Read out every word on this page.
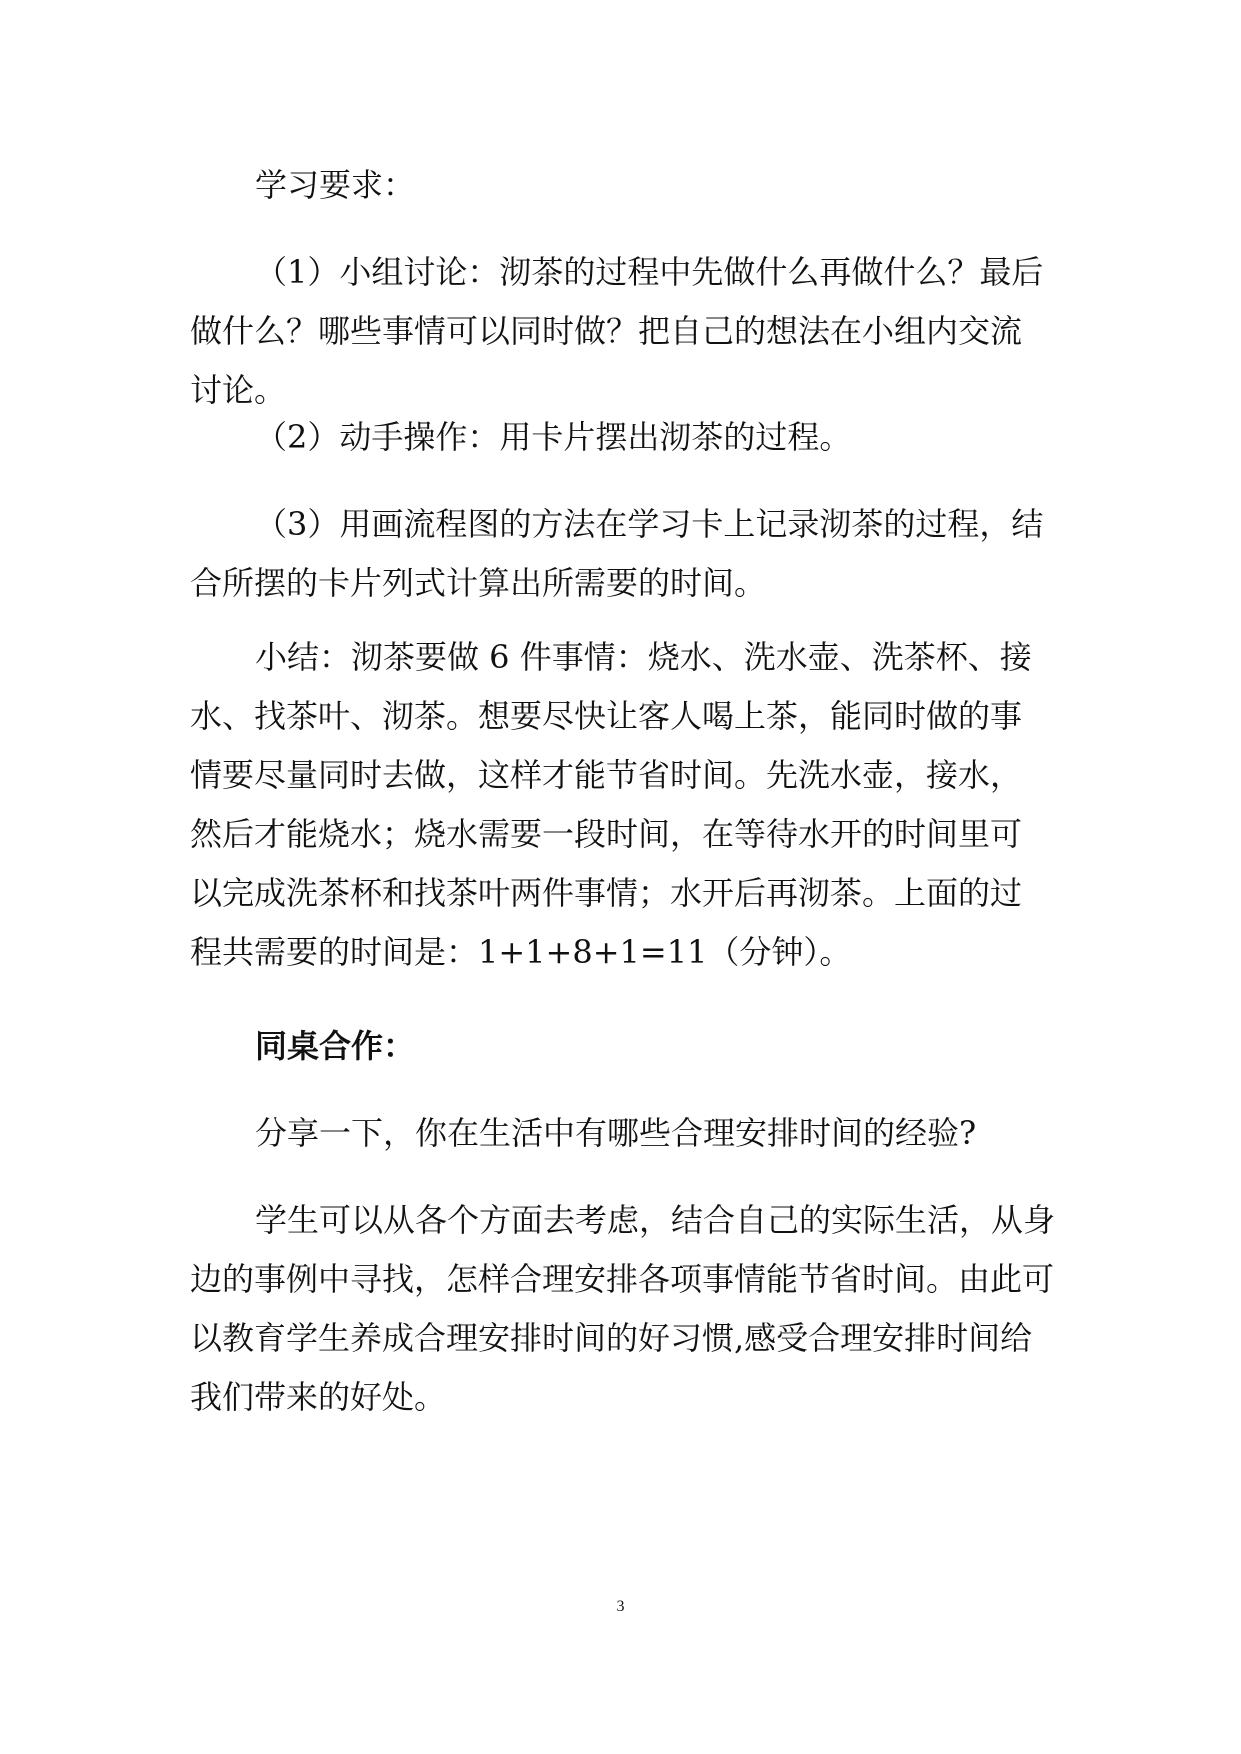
学习要求：

（1）小组讨论：沏茶的过程中先做什么再做什么？最后
做什么？哪些事情可以同时做？把自己的想法在小组内交流
讨论。

（2）动手操作：用卡片摆出沏茶的过程。

（3）用画流程图的方法在学习卡上记录沏茶的过程，结
合所摆的卡片列式计算出所需要的时间。

小结：沏茶要做 6 件事情：烧水、洗水壶、洗茶杯、接
水、找茶叶、沏茶。想要尽快让客人喝上茶，能同时做的事
情要尽量同时去做，这样才能节省时间。先洗水壶，接水，
然后才能烧水；烧水需要一段时间，在等待水开的时间里可
以完成洗茶杯和找茶叶两件事情；水开后再沏茶。上面的过
程共需要的时间是：1+1+8+1=11（分钟）。

同桌合作：

分享一下，你在生活中有哪些合理安排时间的经验?

学生可以从各个方面去考虑，结合自己的实际生活，从身
边的事例中寻找，怎样合理安排各项事情能节省时间。由此可
以教育学生养成合理安排时间的好习惯,感受合理安排时间给
我们带来的好处。

3
